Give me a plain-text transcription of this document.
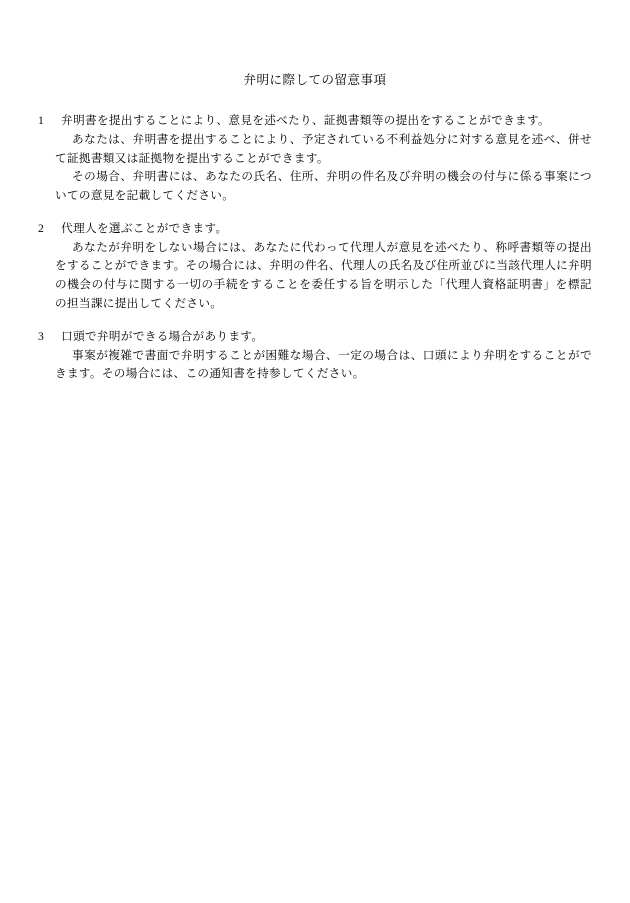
弁明に際しての留意事項
1 弁明書を提出することにより、意見を述べたり、証拠書類等の提出をすることができます。

あなたは、弁明書を提出することにより、予定されている不利益処分に対する意見を述べ、併せて証拠書類又は証拠物を提出することができます。

その場合、弁明書には、あなたの氏名、住所、弁明の件名及び弁明の機会の付与に係る事案についての意見を記載してください。

2 代理人を選ぶことができます。

あなたが弁明をしない場合には、あなたに代わって代理人が意見を述べたり、称呼書類等の提出をすることができます。その場合には、弁明の件名、代理人の氏名及び住所並びに当該代理人に弁明の機会の付与に関する一切の手続をすることを委任する旨を明示した「代理人資格証明書」を標記の担当課に提出してください。

3 口頭で弁明ができる場合があります。

事案が複雑で書面で弁明することが困難な場合、一定の場合は、口頭により弁明をすることができます。その場合には、この通知書を持参してください。
